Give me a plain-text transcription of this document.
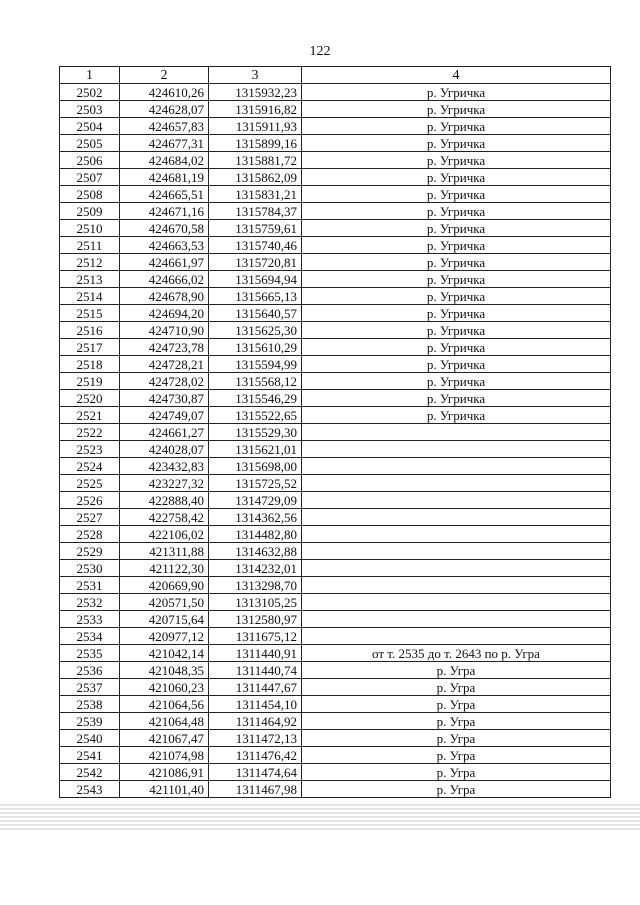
122
1	2	3	4
2502	424610,26	1315932,23	р. Угричка
2503	424628,07	1315916,82	р. Угричка
2504	424657,83	1315911,93	р. Угричка
2505	424677,31	1315899,16	р. Угричка
2506	424684,02	1315881,72	р. Угричка
2507	424681,19	1315862,09	р. Угричка
2508	424665,51	1315831,21	р. Угричка
2509	424671,16	1315784,37	р. Угричка
2510	424670,58	1315759,61	р. Угричка
2511	424663,53	1315740,46	р. Угричка
2512	424661,97	1315720,81	р. Угричка
2513	424666,02	1315694,94	р. Угричка
2514	424678,90	1315665,13	р. Угричка
2515	424694,20	1315640,57	р. Угричка
2516	424710,90	1315625,30	р. Угричка
2517	424723,78	1315610,29	р. Угричка
2518	424728,21	1315594,99	р. Угричка
2519	424728,02	1315568,12	р. Угричка
2520	424730,87	1315546,29	р. Угричка
2521	424749,07	1315522,65	р. Угричка
2522	424661,27	1315529,30	
2523	424028,07	1315621,01	
2524	423432,83	1315698,00	
2525	423227,32	1315725,52	
2526	422888,40	1314729,09	
2527	422758,42	1314362,56	
2528	422106,02	1314482,80	
2529	421311,88	1314632,88	
2530	421122,30	1314232,01	
2531	420669,90	1313298,70	
2532	420571,50	1313105,25	
2533	420715,64	1312580,97	
2534	420977,12	1311675,12	
2535	421042,14	1311440,91	от т. 2535 до т. 2643 по р. Угра
2536	421048,35	1311440,74	р. Угра
2537	421060,23	1311447,67	р. Угра
2538	421064,56	1311454,10	р. Угра
2539	421064,48	1311464,92	р. Угра
2540	421067,47	1311472,13	р. Угра
2541	421074,98	1311476,42	р. Угра
2542	421086,91	1311474,64	р. Угра
2543	421101,40	1311467,98	р. Угра
